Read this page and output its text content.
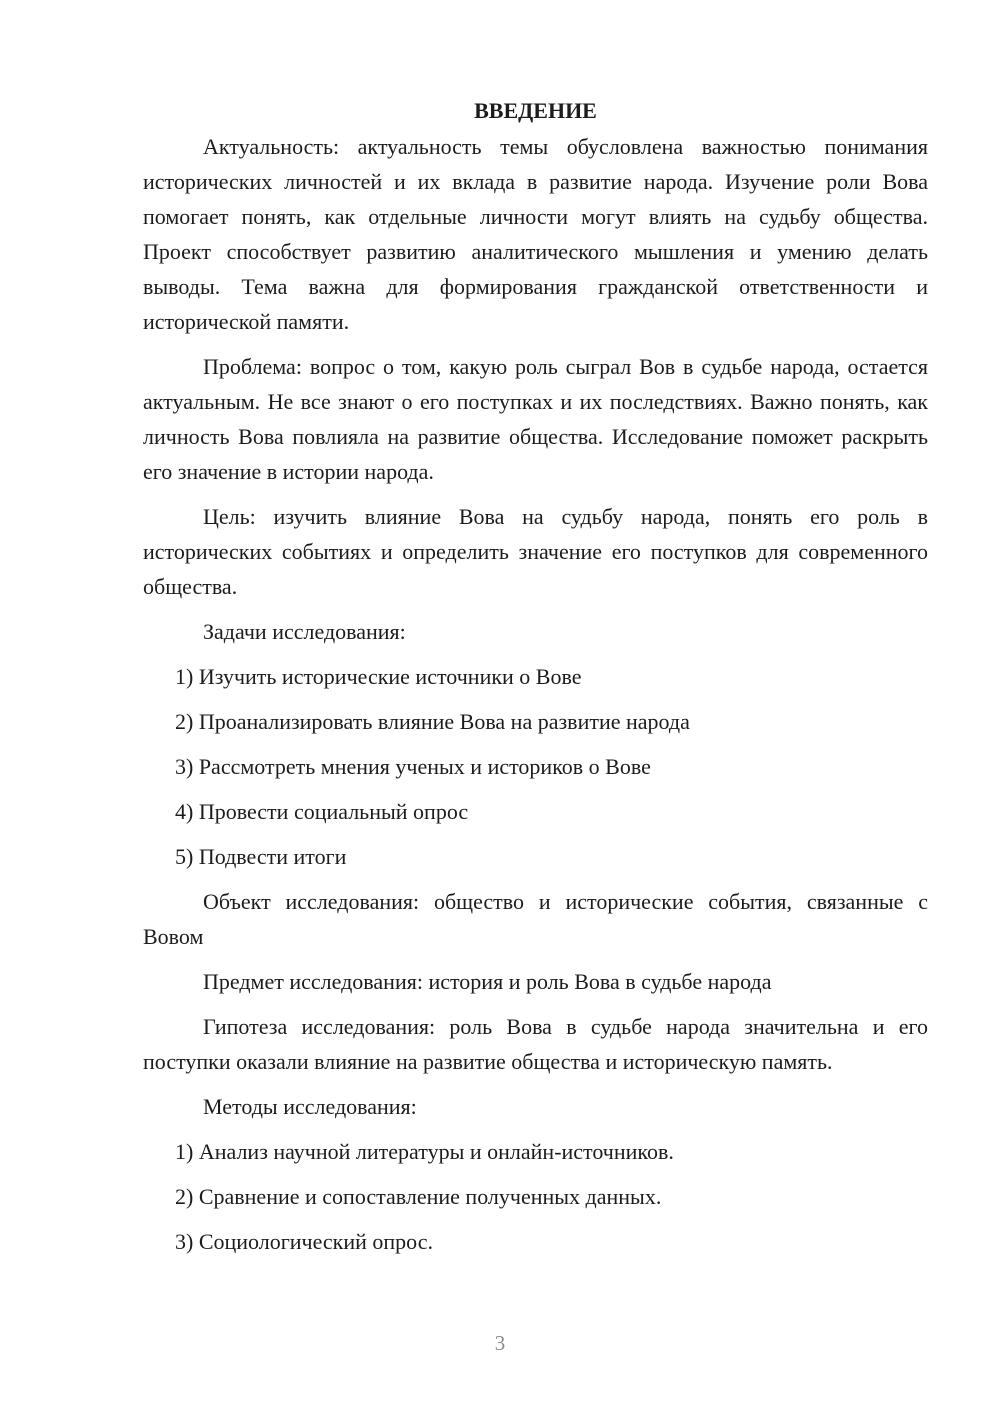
ВВЕДЕНИЕ

Актуальность: актуальность темы обусловлена важностью понимания исторических личностей и их вклада в развитие народа. Изучение роли Вова помогает понять, как отдельные личности могут влиять на судьбу общества. Проект способствует развитию аналитического мышления и умению делать выводы. Тема важна для формирования гражданской ответственности и исторической памяти.

Проблема: вопрос о том, какую роль сыграл Вов в судьбе народа, остается актуальным. Не все знают о его поступках и их последствиях. Важно понять, как личность Вова повлияла на развитие общества. Исследование поможет раскрыть его значение в истории народа.

Цель: изучить влияние Вова на судьбу народа, понять его роль в исторических событиях и определить значение его поступков для современного общества.

Задачи исследования:

1) Изучить исторические источники о Вове

2) Проанализировать влияние Вова на развитие народа

3) Рассмотреть мнения ученых и историков о Вове

4) Провести социальный опрос

5) Подвести итоги

Объект исследования: общество и исторические события, связанные с Вовом

Предмет исследования: история и роль Вова в судьбе народа

Гипотеза исследования: роль Вова в судьбе народа значительна и его поступки оказали влияние на развитие общества и историческую память.

Методы исследования:

1) Анализ научной литературы и онлайн-источников.

2) Сравнение и сопоставление полученных данных.

3) Социологический опрос.

3
